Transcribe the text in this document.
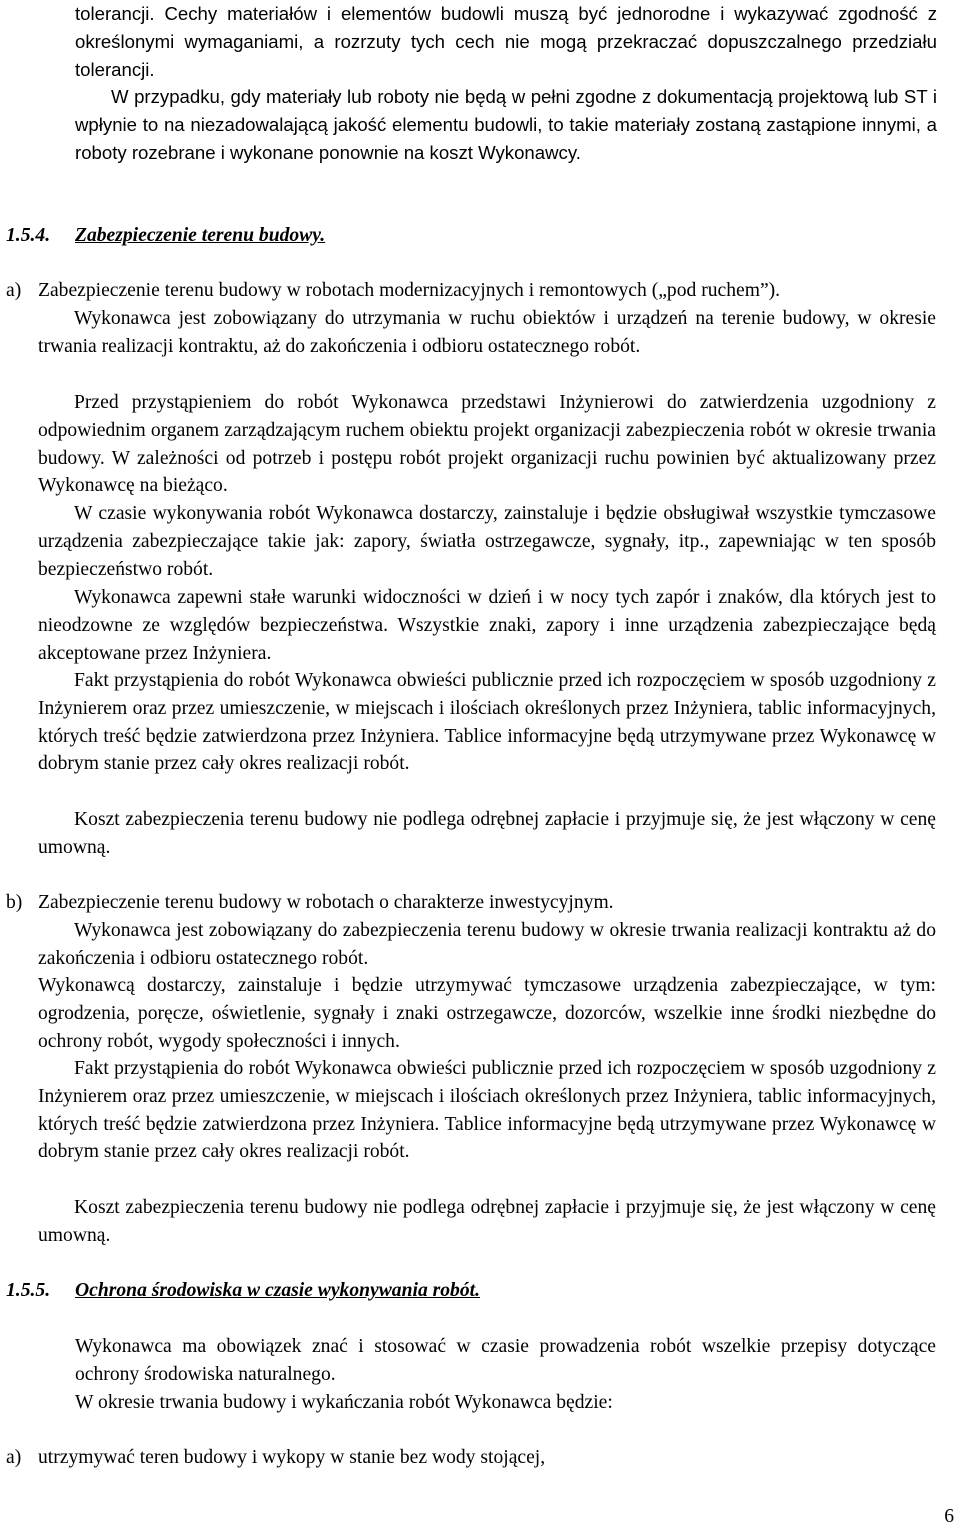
tolerancji. Cechy materiałów i elementów budowli muszą być jednorodne i wykazywać zgodność z określonymi wymaganiami, a rozrzuty tych cech nie mogą przekraczać dopuszczalnego przedziału tolerancji.

W przypadku, gdy materiały lub roboty nie będą w pełni zgodne z dokumentacją projektową lub ST i wpłynie to na niezadowalającą jakość elementu budowli, to takie materiały zostaną zastąpione innymi, a roboty rozebrane i wykonane ponownie na koszt Wykonawcy.

1.5.4. Zabezpieczenie terenu budowy.
a) Zabezpieczenie terenu budowy w robotach modernizacyjnych i remontowych („pod ruchem”).

Wykonawca jest zobowiązany do utrzymania w ruchu obiektów i urządzeń na terenie budowy, w okresie trwania realizacji kontraktu, aż do zakończenia i odbioru ostatecznego robót.

Przed przystąpieniem do robót Wykonawca przedstawi Inżynierowi do zatwierdzenia uzgodniony z odpowiednim organem zarządzającym ruchem obiektu projekt organizacji zabezpieczenia robót w okresie trwania budowy. W zależności od potrzeb i postępu robót projekt organizacji ruchu powinien być aktualizowany przez Wykonawcę na bieżąco.

W czasie wykonywania robót Wykonawca dostarczy, zainstaluje i będzie obsługiwał wszystkie tymczasowe urządzenia zabezpieczające takie jak: zapory, światła ostrzegawcze, sygnały, itp., zapewniając w ten sposób bezpieczeństwo robót.

Wykonawca zapewni stałe warunki widoczności w dzień i w nocy tych zapór i znaków, dla których jest to nieodzowne ze względów bezpieczeństwa. Wszystkie znaki, zapory i inne urządzenia zabezpieczające będą akceptowane przez Inżyniera.

Fakt przystąpienia do robót Wykonawca obwieści publicznie przed ich rozpoczęciem w sposób uzgodniony z Inżynierem oraz przez umieszczenie, w miejscach i ilościach określonych przez Inżyniera, tablic informacyjnych, których treść będzie zatwierdzona przez Inżyniera. Tablice informacyjne będą utrzymywane przez Wykonawcę w dobrym stanie przez cały okres realizacji robót.

Koszt zabezpieczenia terenu budowy nie podlega odrębnej zapłacie i przyjmuje się, że jest włączony w cenę umowną.

b) Zabezpieczenie terenu budowy w robotach o charakterze inwestycyjnym.

Wykonawca jest zobowiązany do zabezpieczenia terenu budowy w okresie trwania realizacji kontraktu aż do zakończenia i odbioru ostatecznego robót.

Wykonawcą dostarczy, zainstaluje i będzie utrzymywać tymczasowe urządzenia zabezpieczające, w tym: ogrodzenia, poręcze, oświetlenie, sygnały i znaki ostrzegawcze, dozorców, wszelkie inne środki niezbędne do ochrony robót, wygody społeczności i innych.

Fakt przystąpienia do robót Wykonawca obwieści publicznie przed ich rozpoczęciem w sposób uzgodniony z Inżynierem oraz przez umieszczenie, w miejscach i ilościach określonych przez Inżyniera, tablic informacyjnych, których treść będzie zatwierdzona przez Inżyniera. Tablice informacyjne będą utrzymywane przez Wykonawcę w dobrym stanie przez cały okres realizacji robót.

Koszt zabezpieczenia terenu budowy nie podlega odrębnej zapłacie i przyjmuje się, że jest włączony w cenę umowną.

1.5.5. Ochrona środowiska w czasie wykonywania robót.

Wykonawca ma obowiązek znać i stosować w czasie prowadzenia robót wszelkie przepisy dotyczące ochrony środowiska naturalnego.

W okresie trwania budowy i wykańczania robót Wykonawca będzie:

a) utrzymywać teren budowy i wykopy w stanie bez wody stojącej,

6
